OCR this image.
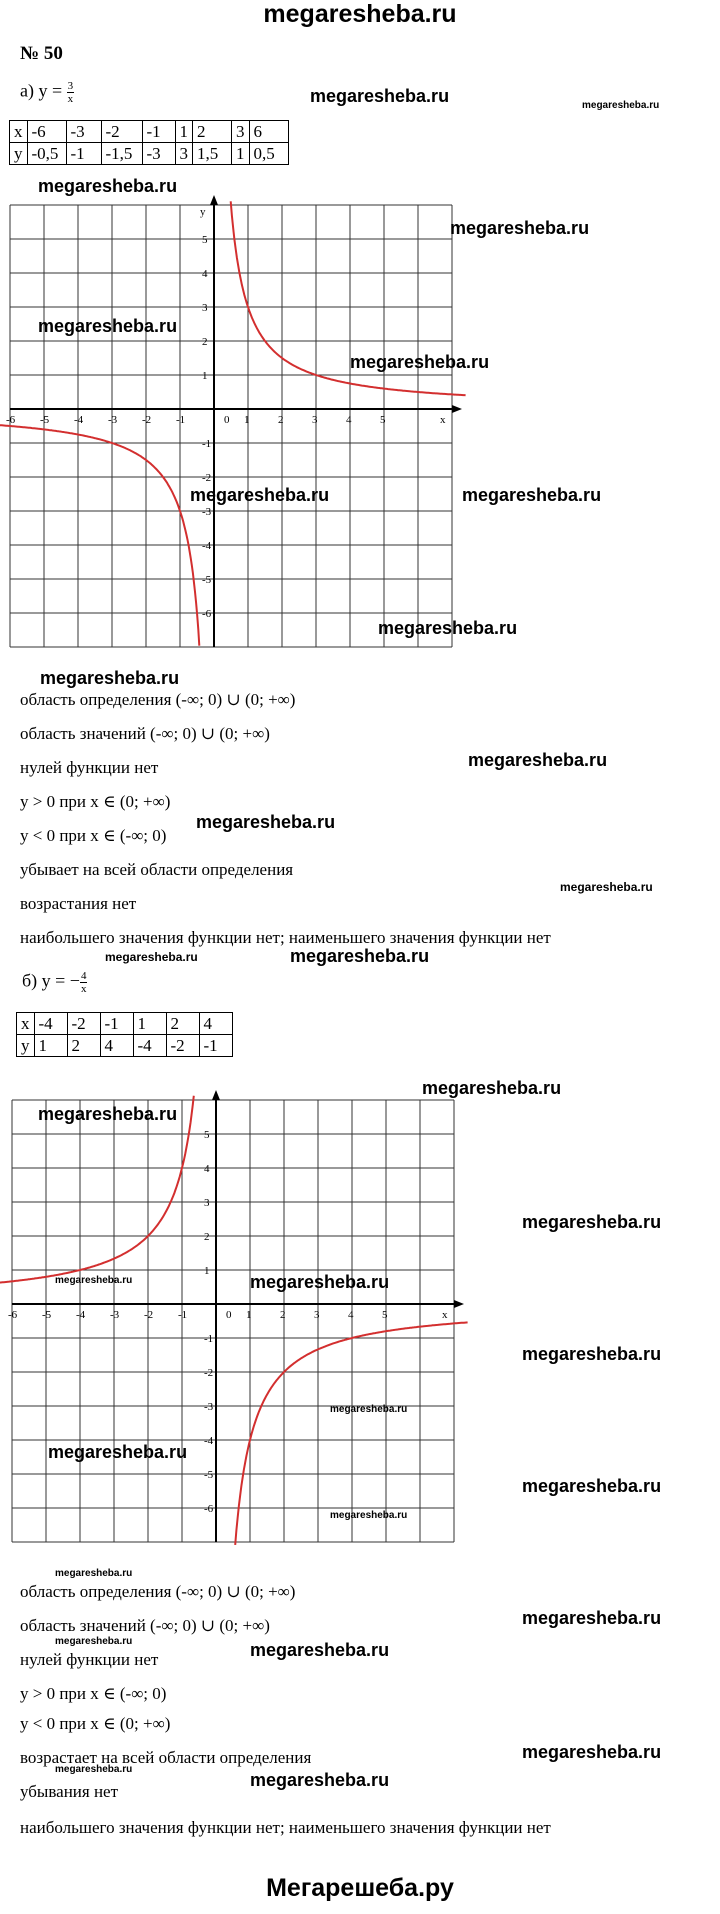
megaresheba.ru
№ 50
а) $y = \frac{3}{x}$
x	-6	-3	-2	-1	1	2	3	6
y	-0,5	-1	-1,5	-3	3	1,5	1	0,5
-6 -5 -4 -3 -2 -1	1	2	3	4	5
5
4
3
2
1
-1
-2
-3
-4
-5
-6
0	x
y
-6 -5 -4 -3 -2 -1	1	2	3	4	5
5
4
3
2
1
-1
-2
-3
-4
-5
-6
0	x
область определения (-∞; 0) ∪ (0; +∞)
область значений (-∞; 0) ∪ (0; +∞)
нулей функции нет
y > 0 при x ∈ (0; +∞)
y < 0 при x ∈ (-∞; 0)
убывает на всей области определения
возрастания нет
наибольшего значения функции нет; наименьшего значения функции нет
б) y = − $\frac{4}{x}$
x	-4	-2	-1	1	2	4
y	1	2	4	-4	-2	-1
область определения (-∞; 0) ∪ (0; +∞)
область значений (-∞; 0) ∪ (0; +∞)
нулей функции нет
y > 0 при x ∈ (-∞; 0)
y < 0 при x ∈ (0; +∞)
возрастает на всей области определения
убывания нет
наибольшего значения функции нет; наименьшего значения функции нет
megaresheba.ru	megaresheba.ru
megaresheba.ru
megaresheba.ru
megaresheba.ru
megaresheba.ru
megaresheba.ru	megaresheba.ru
megaresheba.ru
megaresheba.ru
megaresheba.ru
megaresheba.ru
megaresheba.ru
megaresheba.ru	megaresheba.ru
megaresheba.ru
megaresheba.ru
megaresheba.ru
megaresheba.ru	megaresheba.ru
megaresheba.ru
megaresheba.ru
megaresheba.ru
megaresheba.ru
megaresheba.ru
megaresheba.ru
megaresheba.ru
megaresheba.ru	megaresheba.ru
megaresheba.ru
megaresheba.ru
megaresheba.ru
Мегарешеба.ру
